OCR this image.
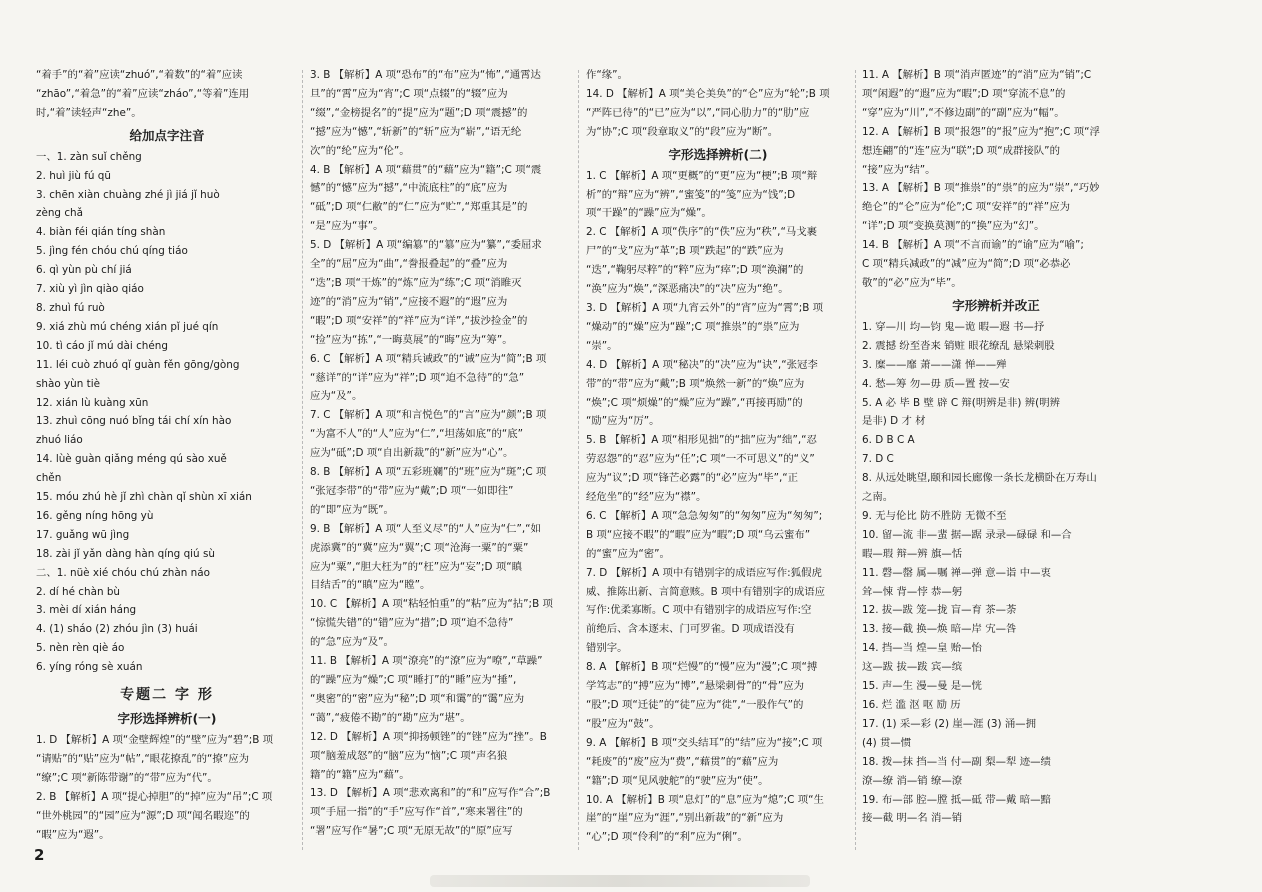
“着手”的“着”应读“zhuó”,“着数”的“着”应读

“zhāo”,“着急”的“着”应读“zháo”,“等着”连用

时,“着”读轻声“zhe”。

给加点字注音

一、1. zàn suǐ chěng

2. huì jiù fú qū

3. chēn xiàn chuàng zhé jì jiá jǐ huò

zèng chǎ

4. biàn féi qián tíng shàn

5. jìng fén chóu chú qíng tiáo

6. qì yùn pù chí jiá

7. xiù yì jìn qiào qiáo

8. zhuì fú ruò

9. xiá zhù mú chéng xián pǐ jué qín

10. tì cáo jǐ mú dài chéng

11. léi cuò zhuó qǐ guàn fěn gōng/gòng

shào yùn tiè

12. xián lù kuàng xūn

13. zhuì cōng nuó bǐng tái chí xín hào

zhuó liáo

14. lùè guàn qiǎng méng qú sào xuě

chěn

15. móu zhú hè jǐ zhì chàn qǐ shùn xī xián

16. gěng níng hōng yù

17. guǎng wū jìng

18. zài jǐ yǎn dàng hàn qíng qiú sù

二、1. nüè xié chóu chú zhàn náo

2. dí hé chàn bù

3. mèi dí xián háng

4. (1) sháo (2) zhóu jìn (3) huái

5. nèn rèn qiè áo

6. yíng róng sè xuán

专题二 字 形
字形选择辨析(一)

1. D 【解析】A 项“金壁辉煌”的“壁”应为“碧”;B 项

“请贴”的“贴”应为“帖”,“眼花撩乱”的“撩”应为

“缭”;C 项“新陈带谢”的“带”应为“代”。

2. B 【解析】A 项“提心掉胆”的“掉”应为“吊”;C 项

“世外桃园”的“园”应为“源”;D 项“闻名暇迩”的

“暇”应为“遐”。

3. B 【解析】A 项“恐布”的“布”应为“怖”,“通霄达

旦”的“霄”应为“宵”;C 项“点辍”的“辍”应为

“缀”,“金榜提名”的“提”应为“题”;D 项“震撼”的

“撼”应为“憾”,“斩新”的“斩”应为“崭”,“语无纶

次”的“纶”应为“伦”。

4. B 【解析】A 项“藉贯”的“藉”应为“籍”;C 项“震

憾”的“憾”应为“撼”,“中流底柱”的“底”应为

“砥”;D 项“仁敝”的“仁”应为“贮”,“郑重其是”的

“是”应为“事”。

5. D 【解析】A 项“编簒”的“簒”应为“纂”,“委屈求

全”的“屈”应为“曲”,“誊报叠起”的“叠”应为

“迭”;B 项“干炼”的“炼”应为“练”;C 项“消睢灭

迹”的“消”应为“销”,“应接不遐”的“遐”应为

“暇”;D 项“安祥”的“祥”应为“详”,“拔沙捡金”的

“捡”应为“拣”,“一晦莫展”的“晦”应为“筹”。

6. C 【解析】A 项“精兵诫政”的“诫”应为“简”;B 项

“慈详”的“详”应为“祥”;D 项“迫不急待”的“急”

应为“及”。

7. C 【解析】A 项“和言悦色”的“言”应为“颜”;B 项

“为富不人”的“人”应为“仁”,“坦荡如底”的“底”

应为“砥”;D 项“自出新裁”的“新”应为“心”。

8. B 【解析】A 项“五彩班斓”的“班”应为“斑”;C 项

“张冠李带”的“带”应为“戴”;D 项“一如即往”

的“即”应为“既”。

9. B 【解析】A 项“人至义尽”的“人”应为“仁”,“如

虎添冀”的“冀”应为“翼”;C 项“沧海一粟”的“粟”

应为“粟”,“胆大枉为”的“枉”应为“妄”;D 项“瞋

目结舌”的“瞋”应为“瞠”。

10. C 【解析】A 项“粘轻怕重”的“粘”应为“拈”;B 项

“惊慌失错”的“错”应为“措”;D 项“迫不急待”

的“急”应为“及”。

11. B 【解析】A 项“潦亮”的“潦”应为“嘹”,“草躁”

的“躁”应为“燥”;C 项“睡打”的“睡”应为“捶”,

“奥密”的“密”应为“秘”;D 项“和霭”的“霭”应为

“蔼”,“疲倦不勘”的“勘”应为“堪”。

12. D 【解析】A 项“抑扬顿锉”的“锉”应为“挫”。B

项“脑羞成怒”的“脑”应为“恼”;C 项“声名狼

籍”的“籍”应为“藉”。

13. D 【解析】A 项“悲欢离和”的“和”应写作“合”;B

项“手屈一指”的“手”应写作“首”,“寒来署往”的

“署”应写作“暑”;C 项“无原无故”的“原”应写

作“缘”。

14. D 【解析】A 项“美仑美奂”的“仑”应为“轮”;B 项

“严阵已待”的“已”应为“以”,“同心肋力”的“肋”应

为“协”;C 项“段章取义”的“段”应为“断”。

字形选择辨析(二)

1. C 【解析】A 项“更概”的“更”应为“梗”;B 项“辩

析”的“辩”应为“辨”,“蜜笺”的“笺”应为“饯”;D

项“干躁”的“躁”应为“燥”。

2. C 【解析】A 项“佚序”的“佚”应为“秩”,“马戈裹

尸”的“戈”应为“革”;B 项“跌起”的“跌”应为

“迭”,“鞠躬尽粹”的“粹”应为“瘁”;D 项“涣澜”的

“涣”应为“焕”,“深恶痛决”的“决”应为“绝”。

3. D 【解析】A 项“九宵云外”的“宵”应为“霄”;B 项

“燥动”的“燥”应为“躁”;C 项“推祟”的“祟”应为

“崇”。

4. D 【解析】A 项“秘决”的“决”应为“诀”,“张冠李

带”的“带”应为“戴”;B 项“焕然一新”的“焕”应为

“焕”;C 项“烦燥”的“燥”应为“躁”,“再接再励”的

“励”应为“厉”。

5. B 【解析】A 项“相形见拙”的“拙”应为“绌”,“忍

劳忍怨”的“忍”应为“任”;C 项“一不可思义”的“义”

应为“议”;D 项“锋芒必露”的“必”应为“毕”,“正

经危坐”的“经”应为“襟”。

6. C 【解析】A 项“急急匆匆”的“匆匆”应为“匆匆”;

B 项“应接不暇”的“暇”应为“暇”;D 项“乌云蜜布”

的“蜜”应为“密”。

7. D 【解析】A 项中有错别字的成语应写作:狐假虎

威、推陈出新、言简意赅。B 项中有错别字的成语应

写作:优柔寡断。C 项中有错别字的成语应写作:空

前绝后、含本逐末、门可罗雀。D 项成语没有

错别字。

8. A 【解析】B 项“烂慢”的“慢”应为“漫”;C 项“搏

学笃志”的“搏”应为“博”,“悬梁刺骨”的“骨”应为

“股”;D 项“迁徒”的“徒”应为“徙”,“一股作气”的

“股”应为“鼓”。

9. A 【解析】B 项“交头结耳”的“结”应为“接”;C 项

“耗废”的“废”应为“费”,“藉贯”的“藉”应为

“籍”;D 项“见风驶舵”的“驶”应为“使”。

10. A 【解析】B 项“息灯”的“息”应为“熄”;C 项“生

崖”的“崖”应为“涯”,“别出新裁”的“新”应为

“心”;D 项“伶利”的“利”应为“俐”。

11. A 【解析】B 项“消声匿迹”的“消”应为“销”;C

项“闲遐”的“遐”应为“暇”;D 项“穿流不息”的

“穿”应为“川”,“不修边副”的“副”应为“幅”。

12. A 【解析】B 项“报怨”的“报”应为“抱”;C 项“浮

想连翩”的“连”应为“联”;D 项“成群接队”的

“接”应为“结”。

13. A 【解析】B 项“推祟”的“祟”的应为“崇”,“巧妙

绝仑”的“仑”应为“伦”;C 项“安祥”的“祥”应为

“详”;D 项“变换莫测”的“换”应为“幻”。

14. B 【解析】A 项“不言而谕”的“谕”应为“喻”;

C 项“精兵减政”的“减”应为“简”;D 项“必恭必

敬”的“必”应为“毕”。

字形辨析并改正

1. 穿—川 均—钧 鬼—诡 暇—遐 书—抒

2. 震撼 纷至沓来 销赃 眼花缭乱 悬梁刺股

3. 糜——靡 萧——潇 惮——殚

4. 愁—筹 勿—毋 质—置 按—安

5. A 必 毕 B 壁 辟 C 辩(明辨是非) 辨(明辨

是非) D 才 材

6. D B C A

7. D C

8. 从远处眺望,颐和园长廊像一条长龙横卧在万寿山

之南。

9. 无与伦比 防不胜防 无微不至

10. 留—流 非—蜚 据—踞 录录—碌碌 和—合

暇—瑕 辩—辨 旗—恬

11. 磬—罄 属—嘱 禅—弹 意—诣 中—衷

耸—悚 背—悖 恭—躬

12. 拔—跋 笼—拢 盲—育 茶—荼

13. 接—截 换—焕 暗—岸 宄—咎

14. 挡—当 煌—皇 贻—怡

这—跋 拔—跋 宾—缤

15. 声—生 漫—曼 是—恍

16. 烂 滥 沤 呕 励 历

17. (1) 采—彩 (2) 崖—涯 (3) 涌—拥

(4) 贯—惯

18. 拨—抹 挡—当 付—副 梨—犁 迹—绩

潦—缭 消—销 缭—潦

19. 布—部 腔—膛 抵—砥 带—戴 暗—黯

接—截 明—名 消—销

2
